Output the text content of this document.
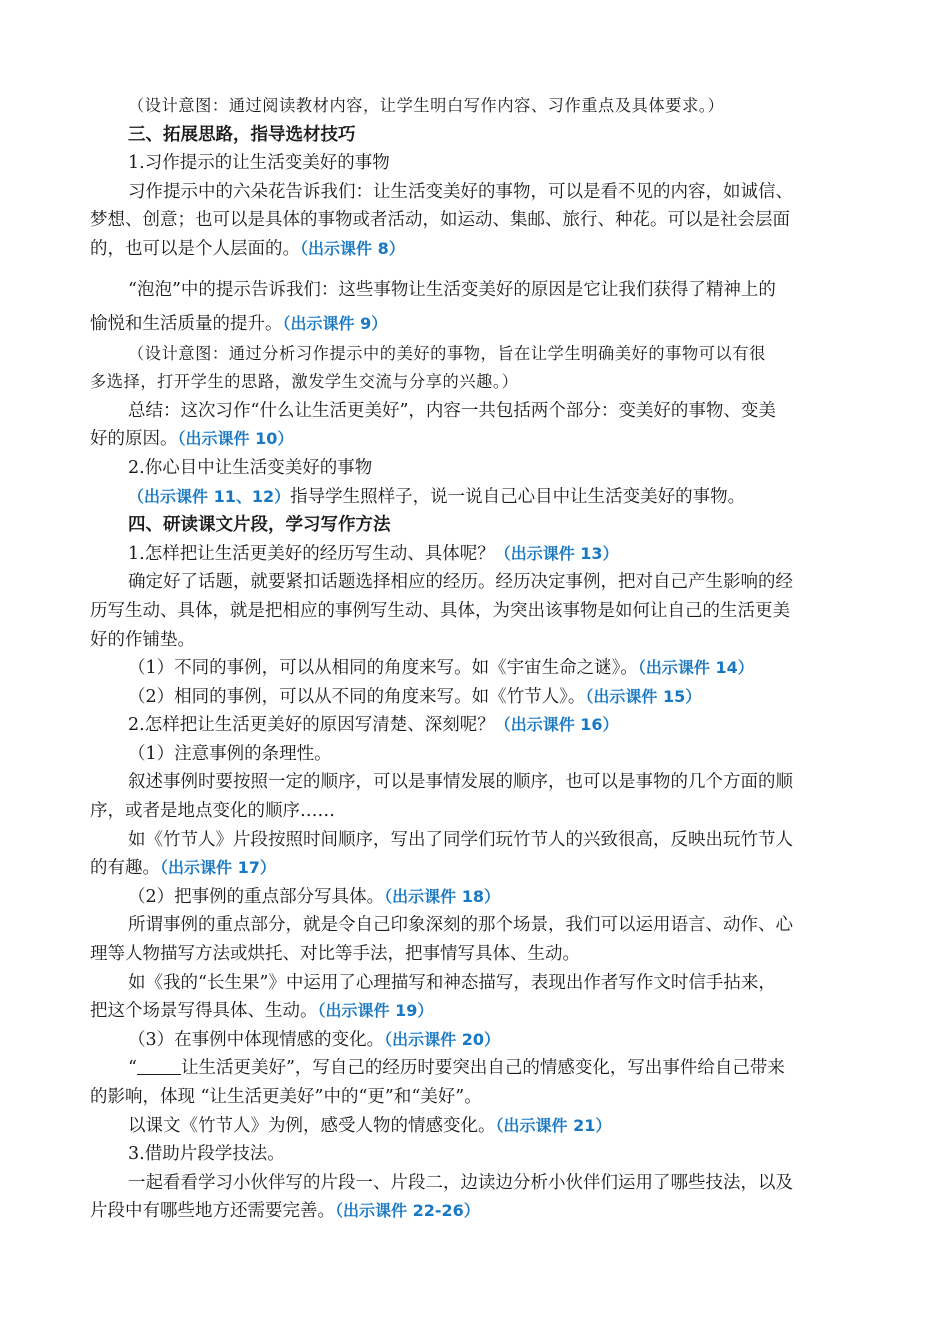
（设计意图：通过阅读教材内容，让学生明白写作内容、习作重点及具体要求。）
三、拓展思路，指导选材技巧
1.习作提示的让生活变美好的事物
习作提示中的六朵花告诉我们：让生活变美好的事物，可以是看不见的内容，如诚信、
梦想、创意；也可以是具体的事物或者活动，如运动、集邮、旅行、种花。可以是社会层面
的，也可以是个人层面的。（出示课件 8）
“泡泡”中的提示告诉我们：这些事物让生活变美好的原因是它让我们获得了精神上的
愉悦和生活质量的提升。（出示课件 9）
（设计意图：通过分析习作提示中的美好的事物，旨在让学生明确美好的事物可以有很
多选择，打开学生的思路，激发学生交流与分享的兴趣。）
总结：这次习作“什么让生活更美好”，内容一共包括两个部分：变美好的事物、变美
好的原因。（出示课件 10）
2.你心目中让生活变美好的事物
（出示课件 11、12）指导学生照样子，说一说自己心目中让生活变美好的事物。
四、研读课文片段，学习写作方法
1.怎样把让生活更美好的经历写生动、具体呢？（出示课件 13）
确定好了话题，就要紧扣话题选择相应的经历。经历决定事例，把对自己产生影响的经
历写生动、具体，就是把相应的事例写生动、具体，为突出该事物是如何让自己的生活更美
好的作铺垫。
（1）不同的事例，可以从相同的角度来写。如《宇宙生命之谜》。（出示课件 14）
（2）相同的事例，可以从不同的角度来写。如《竹节人》。（出示课件 15）
2.怎样把让生活更美好的原因写清楚、深刻呢？（出示课件 16）
（1）注意事例的条理性。
叙述事例时要按照一定的顺序，可以是事情发展的顺序，也可以是事物的几个方面的顺
序，或者是地点变化的顺序……
如《竹节人》片段按照时间顺序，写出了同学们玩竹节人的兴致很高，反映出玩竹节人
的有趣。（出示课件 17）
（2）把事例的重点部分写具体。（出示课件 18）
所谓事例的重点部分，就是令自己印象深刻的那个场景，我们可以运用语言、动作、心
理等人物描写方法或烘托、对比等手法，把事情写具体、生动。
如《我的“长生果”》中运用了心理描写和神态描写，表现出作者写作文时信手拈来，
把这个场景写得具体、生动。（出示课件 19）
（3）在事例中体现情感的变化。（出示课件 20）
“	让生活更美好”，写自己的经历时要突出自己的情感变化，写出事件给自己带来
的影响，体现 “让生活更美好”中的“更”和“美好”。
以课文《竹节人》为例，感受人物的情感变化。（出示课件 21）
3.借助片段学技法。
一起看看学习小伙伴写的片段一、片段二，边读边分析小伙伴们运用了哪些技法，以及
片段中有哪些地方还需要完善。（出示课件 22-26）
